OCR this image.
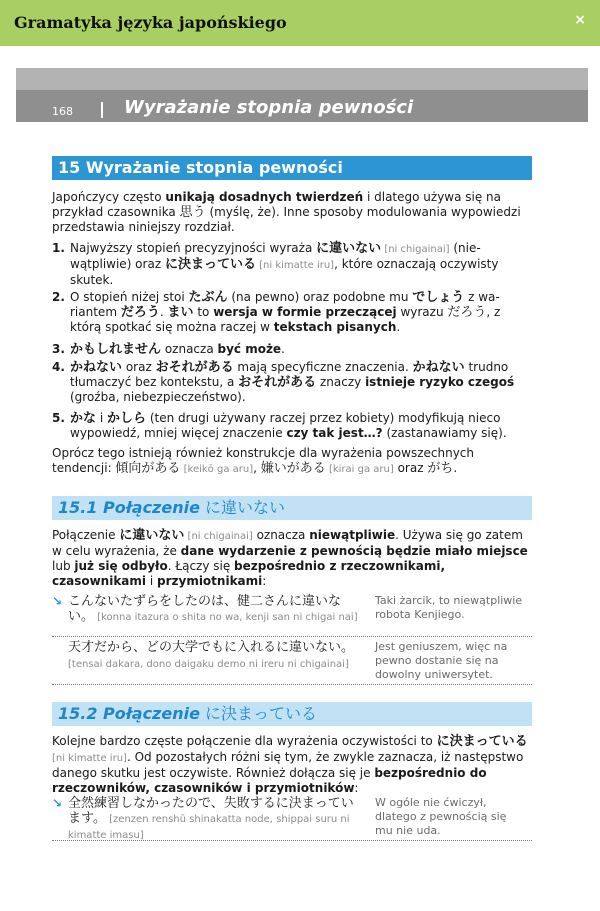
Gramatyka języka japońskiego	×
168	Wyrażanie stopnia pewności
15 Wyrażanie stopnia pewności

Japończycy często unikają dosadnych twierdzeń i dlatego używa się na przykład czasownika 思う (myślę, że). Inne sposoby modulowania wypowiedzi przedstawia niniejszy rozdział.

1. Najwyższy stopień precyzyjności wyraża に違いない [ni chigainai] (nie-wątpliwie) oraz に決まっている [ni kimatte iru], które oznaczają oczywisty skutek.
2. O stopień niżej stoi たぶん (na pewno) oraz podobne mu でしょう z wa-riantem だろう. まい to wersja w formie przeczącej wyrazu だろう, z którą spotkać się można raczej w tekstach pisanych.
3. かもしれません oznacza być może.
4. かねない oraz おそれがある mają specyficzne znaczenia. かねない trudno tłumaczyć bez kontekstu, a おそれがある znaczy istnieje ryzyko czegoś (groźba, niebezpieczeństwo).
5. かな i かしら (ten drugi używany raczej przez kobiety) modyfikują nieco wypowiedź, mniej więcej znaczenie czy tak jest…? (zastanawiamy się).

Oprócz tego istnieją również konstrukcje dla wyrażenia powszechnych tendencji: 傾向がある [keikō ga aru], 嫌いがある [kirai ga aru] oraz がち.

15.1 Połączenie に違いない

Połączenie に違いない [ni chigainai] oznacza niewątpliwie. Używa się go zatem w celu wyrażenia, że dane wydarzenie z pewnością będzie miało miejsce lub już się odbyło. Łączy się bezpośrednio z rzeczownikami, czasownikami i przymiotnikami:

↘ こんないたずらをしたのは、健二さんに違いない。 [konna itazura o shita no wa, kenji san ni chigai nai]
Taki żarcik, to niewątpliwie robota Kenjiego.
天才だから、どの大学でもに入れるに違いない。 [tensai dakara, dono daigaku demo ni ireru ni chigainai]
Jest geniuszem, więc na pewno dostanie się na dowolny uniwersytet.
15.2 Połączenie に決まっている

Kolejne bardzo częste połączenie dla wyrażenia oczywistości to に決まっている [ni kimatte iru]. Od pozostałych różni się tym, że zwykle zaznacza, iż następstwo danego skutku jest oczywiste. Również dołącza się je bezpośrednio do rzeczowników, czasowników i przymiotników:

↘ 全然練習しなかったので、失敗するに決まっています。 [zenzen renshū shinakatta node, shippai suru ni kimatte imasu]
W ogóle nie ćwiczył, dlatego z pewnością się mu nie uda.
